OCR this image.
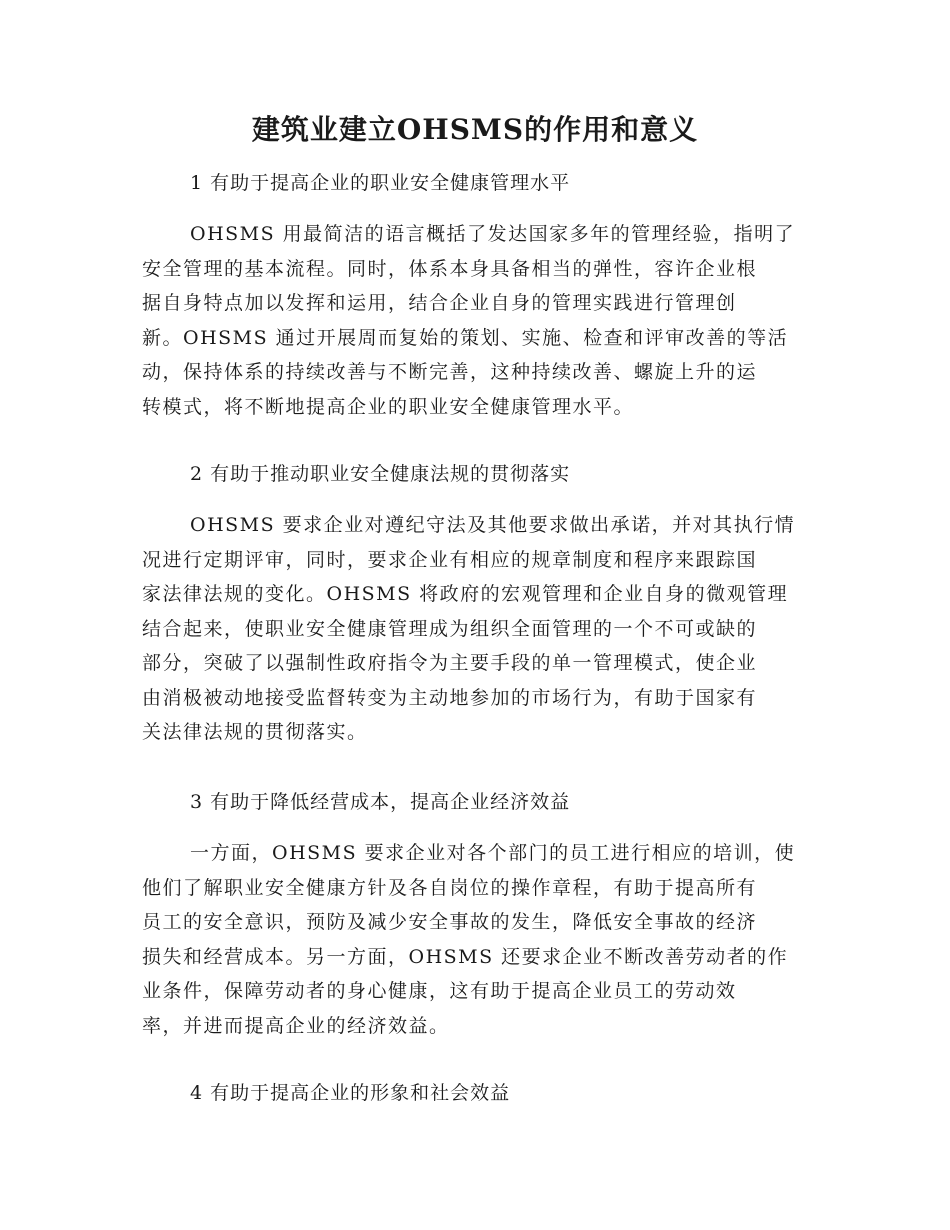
建筑业建立OHSMS的作用和意义
1 有助于提高企业的职业安全健康管理水平
OHSMS 用最简洁的语言概括了发达国家多年的管理经验，指明了
安全管理的基本流程。同时，体系本身具备相当的弹性，容许企业根
据自身特点加以发挥和运用，结合企业自身的管理实践进行管理创
新。OHSMS 通过开展周而复始的策划、实施、检查和评审改善的等活
动，保持体系的持续改善与不断完善，这种持续改善、螺旋上升的运
转模式，将不断地提高企业的职业安全健康管理水平。
2 有助于推动职业安全健康法规的贯彻落实
OHSMS 要求企业对遵纪守法及其他要求做出承诺，并对其执行情
况进行定期评审，同时，要求企业有相应的规章制度和程序来跟踪国
家法律法规的变化。OHSMS 将政府的宏观管理和企业自身的微观管理
结合起来，使职业安全健康管理成为组织全面管理的一个不可或缺的
部分，突破了以强制性政府指令为主要手段的单一管理模式，使企业
由消极被动地接受监督转变为主动地参加的市场行为，有助于国家有
关法律法规的贯彻落实。
3 有助于降低经营成本，提高企业经济效益
一方面，OHSMS 要求企业对各个部门的员工进行相应的培训，使
他们了解职业安全健康方针及各自岗位的操作章程，有助于提高所有
员工的安全意识，预防及减少安全事故的发生，降低安全事故的经济
损失和经营成本。另一方面，OHSMS 还要求企业不断改善劳动者的作
业条件，保障劳动者的身心健康，这有助于提高企业员工的劳动效
率，并进而提高企业的经济效益。
4 有助于提高企业的形象和社会效益
